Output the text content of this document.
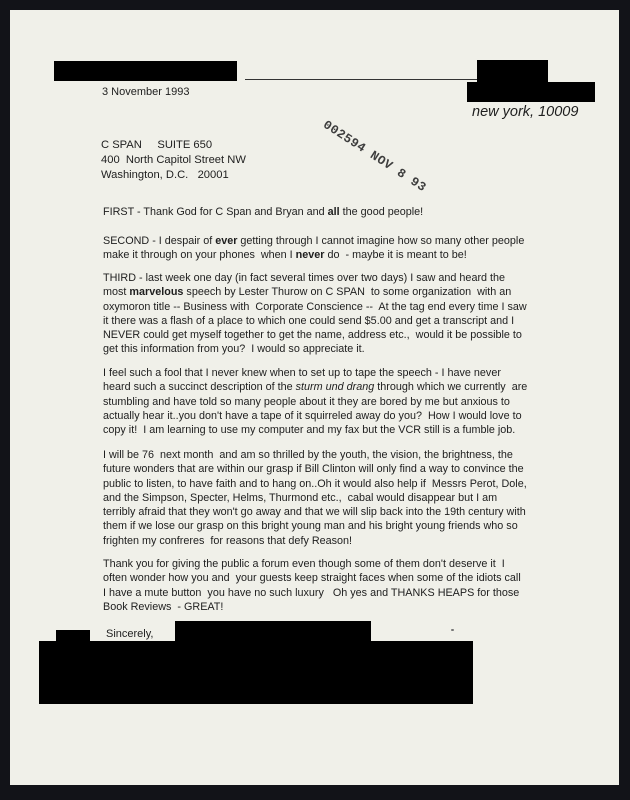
3 November 1993
new york, 10009
002594 NOV 8 93
C SPAN     SUITE 650
400  North Capitol Street NW
Washington, D.C.   20001
FIRST - Thank God for C Span and Bryan and all the good people!
SECOND - I despair of ever getting through I cannot imagine how so many other people
make it through on your phones  when I never do  - maybe it is meant to be!
THIRD - last week one day (in fact several times over two days) I saw and heard the
most marvelous speech by Lester Thurow on C SPAN  to some organization  with an
oxymoron title -- Business with  Corporate Conscience --  At the tag end every time I saw
it there was a flash of a place to which one could send $5.00 and get a transcript and I
NEVER could get myself together to get the name, address etc.,  would it be possible to
get this information from you?  I would so appreciate it.
I feel such a fool that I never knew when to set up to tape the speech - I have never
heard such a succinct description of the sturm und drang through which we currently  are
stumbling and have told so many people about it they are bored by me but anxious to
actually hear it..you don't have a tape of it squirreled away do you?  How I would love to
copy it!  I am learning to use my computer and my fax but the VCR still is a fumble job.
I will be 76  next month  and am so thrilled by the youth, the vision, the brightness, the
future wonders that are within our grasp if Bill Clinton will only find a way to convince the
public to listen, to have faith and to hang on..Oh it would also help if  Messrs Perot, Dole,
and the Simpson, Specter, Helms, Thurmond etc.,  cabal would disappear but I am
terribly afraid that they won't go away and that we will slip back into the 19th century with
them if we lose our grasp on this bright young man and his bright young friends who so
frighten my confreres  for reasons that defy Reason!
Thank you for giving the public a forum even though some of them don't deserve it  I
often wonder how you and  your guests keep straight faces when some of the idiots call
I have a mute button  you have no such luxury   Oh yes and THANKS HEAPS for those
Book Reviews  - GREAT!
Sincerely,
